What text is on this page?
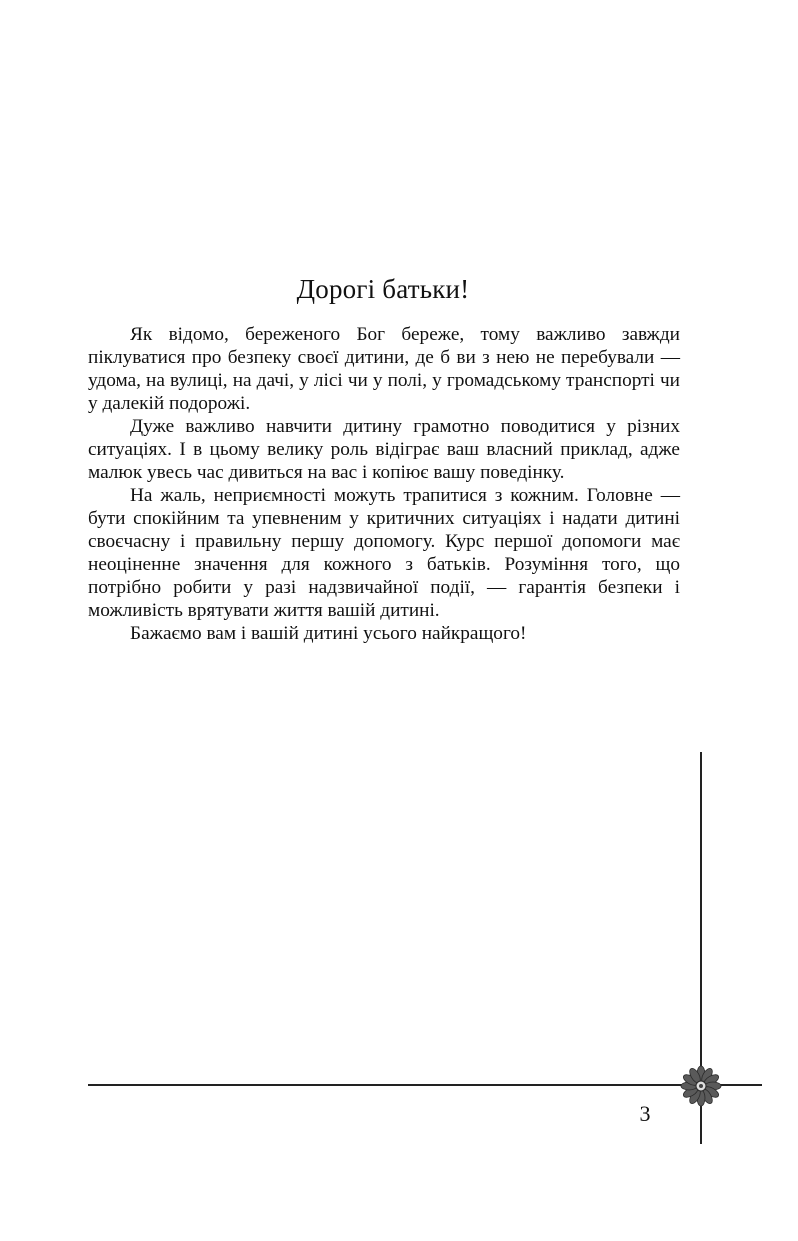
Дорогі батьки!

Як відомо, береженого Бог береже, тому важливо завжди піклуватися про безпеку своєї дитини, де б ви з нею не перебували — удома, на вулиці, на дачі, у лісі чи у полі, у громадському транспорті чи у далекій подорожі.

Дуже важливо навчити дитину грамотно поводитися у різних ситуаціях. І в цьому велику роль відіграє ваш власний приклад, адже малюк увесь час дивиться на вас і копіює вашу поведінку.

На жаль, неприємності можуть трапитися з кожним. Головне — бути спокійним та упевненим у критичних ситуаціях і надати дитині своєчасну і правильну першу допомогу. Курс першої допомоги має неоціненне значення для кожного з батьків. Розуміння того, що потрібно робити у разі надзвичайної події, — гарантія безпеки і можливість врятувати життя вашій дитині.

Бажаємо вам і вашій дитині усього найкращого!

3
